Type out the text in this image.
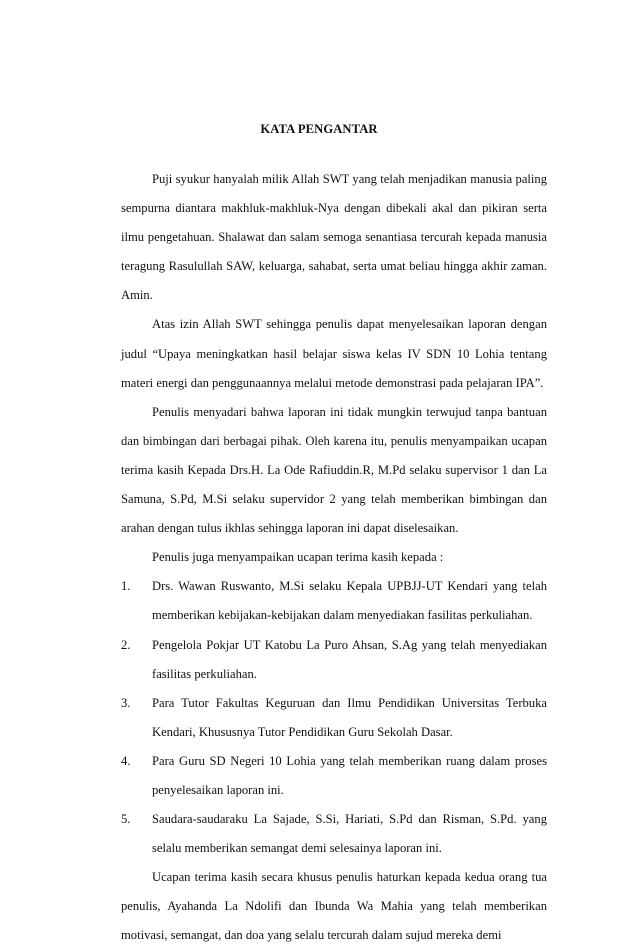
KATA PENGANTAR

Puji syukur hanyalah milik Allah SWT yang telah menjadikan manusia paling sempurna diantara makhluk-makhluk-Nya dengan dibekali akal dan pikiran serta ilmu pengetahuan. Shalawat dan salam semoga senantiasa tercurah kepada manusia teragung Rasulullah SAW, keluarga, sahabat, serta umat beliau hingga akhir zaman. Amin.

Atas izin Allah SWT sehingga penulis dapat menyelesaikan laporan dengan judul “Upaya meningkatkan hasil belajar siswa kelas IV SDN 10 Lohia tentang materi energi dan penggunaannya melalui metode demonstrasi pada pelajaran IPA”.

Penulis menyadari bahwa laporan ini tidak mungkin terwujud tanpa bantuan dan bimbingan dari berbagai pihak. Oleh karena itu, penulis menyampaikan ucapan terima kasih Kepada Drs.H. La Ode Rafiuddin.R, M.Pd selaku supervisor 1 dan La Samuna, S.Pd, M.Si selaku supervidor 2 yang telah memberikan bimbingan dan arahan dengan tulus ikhlas sehingga laporan ini dapat diselesaikan.

Penulis juga menyampaikan ucapan terima kasih kepada :

1. Drs. Wawan Ruswanto, M.Si selaku Kepala UPBJJ-UT Kendari yang telah memberikan kebijakan-kebijakan dalam menyediakan fasilitas perkuliahan.
2. Pengelola Pokjar UT Katobu La Puro Ahsan, S.Ag yang telah menyediakan fasilitas perkuliahan.
3. Para Tutor Fakultas Keguruan dan Ilmu Pendidikan Universitas Terbuka Kendari, Khususnya Tutor Pendidikan Guru Sekolah Dasar.
4. Para Guru SD Negeri 10 Lohia yang telah memberikan ruang dalam proses penyelesaikan laporan ini.
5. Saudara-saudaraku La Sajade, S.Si, Hariati, S.Pd dan Risman, S.Pd. yang selalu memberikan semangat demi selesainya laporan ini.

Ucapan terima kasih secara khusus penulis haturkan kepada kedua orang tua penulis, Ayahanda La Ndolifi dan Ibunda Wa Mahia yang telah memberikan motivasi, semangat, dan doa yang selalu tercurah dalam sujud mereka demi
